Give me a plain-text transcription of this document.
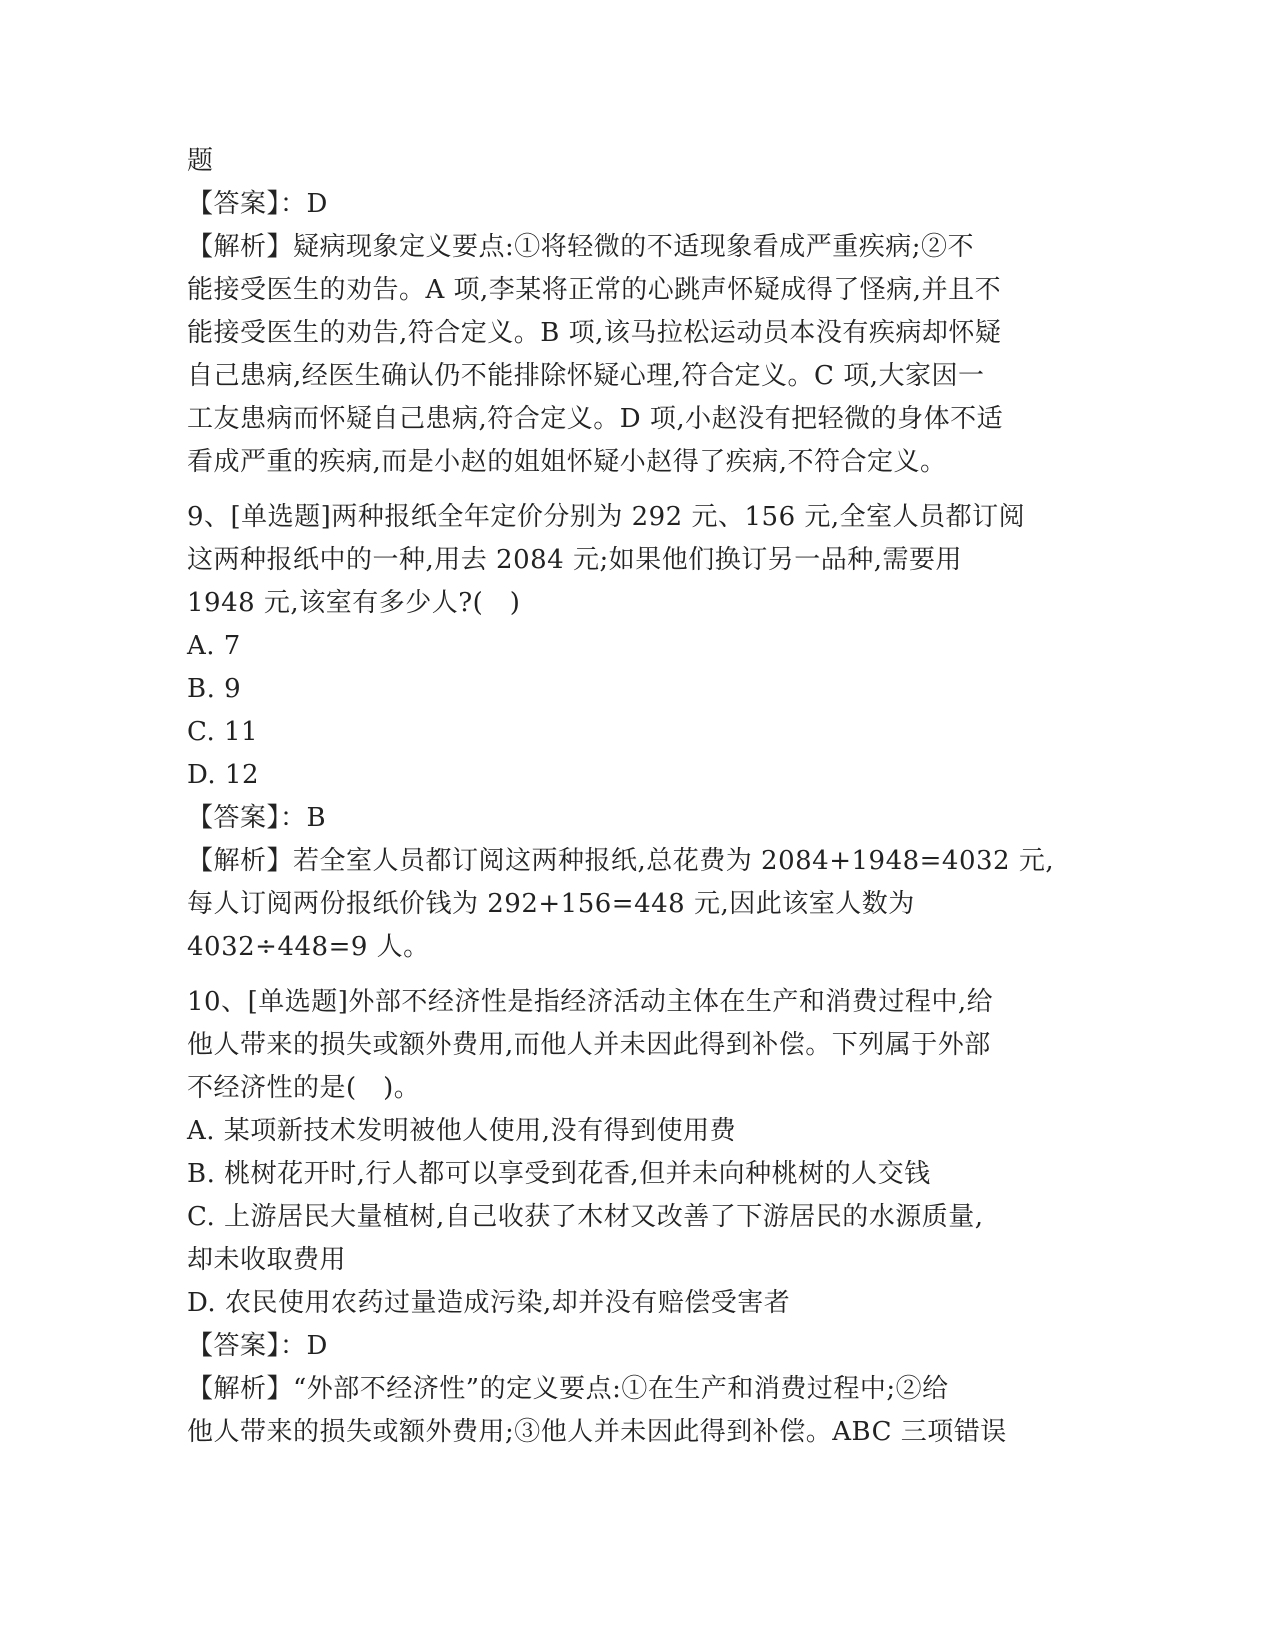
题
【答案】：D
【解析】疑病现象定义要点:①将轻微的不适现象看成严重疾病;②不
能接受医生的劝告。A 项,李某将正常的心跳声怀疑成得了怪病,并且不
能接受医生的劝告,符合定义。B 项,该马拉松运动员本没有疾病却怀疑
自己患病,经医生确认仍不能排除怀疑心理,符合定义。C 项,大家因一
工友患病而怀疑自己患病,符合定义。D 项,小赵没有把轻微的身体不适
看成严重的疾病,而是小赵的姐姐怀疑小赵得了疾病,不符合定义。
9、[单选题]两种报纸全年定价分别为 292 元、156 元,全室人员都订阅
这两种报纸中的一种,用去 2084 元;如果他们换订另一品种,需要用
1948 元,该室有多少人?(　)
A. 7
B. 9
C. 11
D. 12
【答案】：B
【解析】若全室人员都订阅这两种报纸,总花费为 2084+1948=4032 元,
每人订阅两份报纸价钱为 292+156=448 元,因此该室人数为
4032÷448=9 人。
10、[单选题]外部不经济性是指经济活动主体在生产和消费过程中,给
他人带来的损失或额外费用,而他人并未因此得到补偿。下列属于外部
不经济性的是(　)。
A. 某项新技术发明被他人使用,没有得到使用费
B. 桃树花开时,行人都可以享受到花香,但并未向种桃树的人交钱
C. 上游居民大量植树,自己收获了木材又改善了下游居民的水源质量,
却未收取费用
D. 农民使用农药过量造成污染,却并没有赔偿受害者
【答案】：D
【解析】“外部不经济性”的定义要点:①在生产和消费过程中;②给
他人带来的损失或额外费用;③他人并未因此得到补偿。ABC 三项错误
